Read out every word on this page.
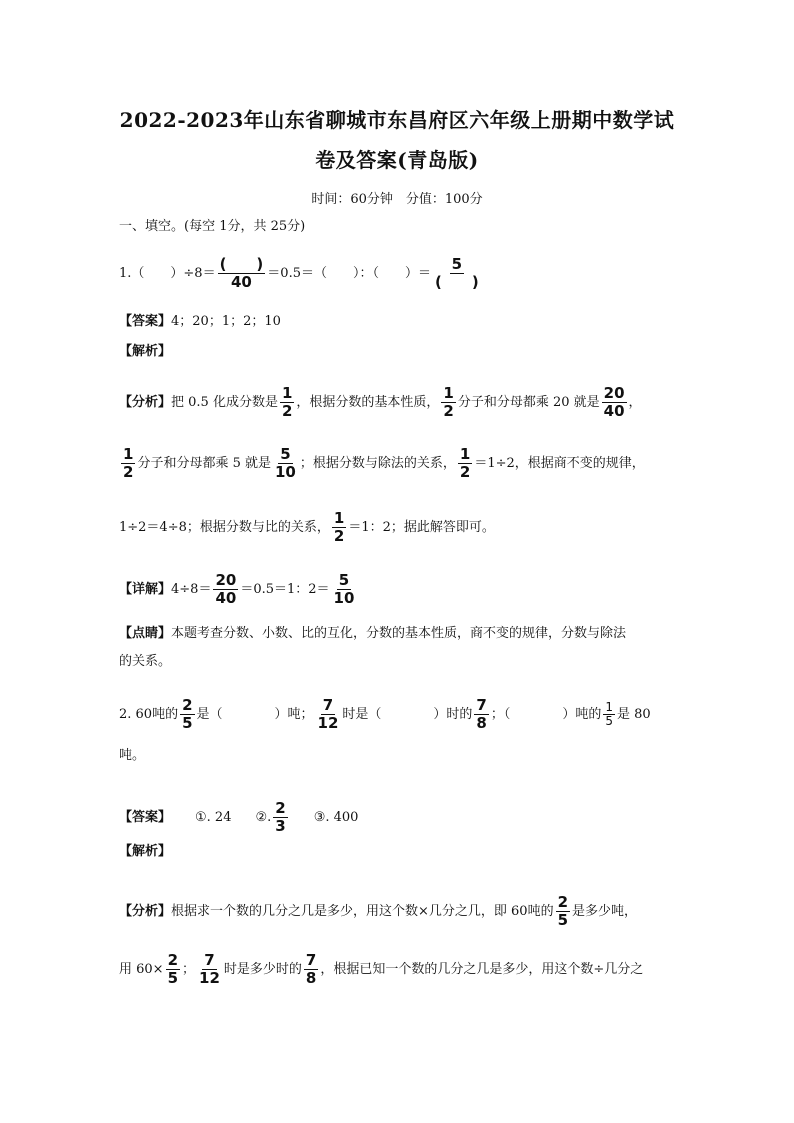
2022-2023年山东省聊城市东昌府区六年级上册期中数学试
卷及答案(青岛版)
时间：60分钟　分值：100分
一、填空。(每空 1分，共 25分)
1.（　　）$\div 8= \frac{( )}{40} =0.5=$（　　）：（　　）＝ $\frac{5}{( )}$
【答案】4；20；1；2；10
【解析】
【分析】把 0.5 化成分数是 $\frac{1}{2}$ ，根据分数的基本性质， $\frac{1}{2}$ 分子和分母都乘 20 就是 $\frac{20}{40}$ ，
$\frac{1}{2}$ 分子和分母都乘 5 就是 $\frac{5}{10}$ ；根据分数与除法的关系， $\frac{1}{2} =1\div 2$，根据商不变的规律，
1÷2＝4÷8；根据分数与比的关系， $\frac{1}{2} =1$：2；据此解答即可。
【详解】$4\div 8= \frac{20}{40} =0.5=1$：$2= \frac{5}{10}$
【点睛】本题考查分数、小数、比的互化，分数的基本性质，商不变的规律，分数与除法
的关系。
2. 60吨的 $\frac{2}{5}$ 是（　　　　）吨； $\frac{7}{12}$ 时是（　　　　）时的 $\frac{7}{8}$ ；（　　　　）吨的 $\frac{1}{5}$ 是 80
吨。
【答案】 ①. 24 ②. $\frac{2}{3}$ ③. 400
【解析】
【分析】根据求一个数的几分之几是多少，用这个数×几分之几，即 60吨的 $\frac{2}{5}$ 是多少吨，
用 $60\times \frac{2}{5}$ ； $\frac{7}{12}$ 时是多少时的 $\frac{7}{8}$ ，根据已知一个数的几分之几是多少，用这个数÷几分之
